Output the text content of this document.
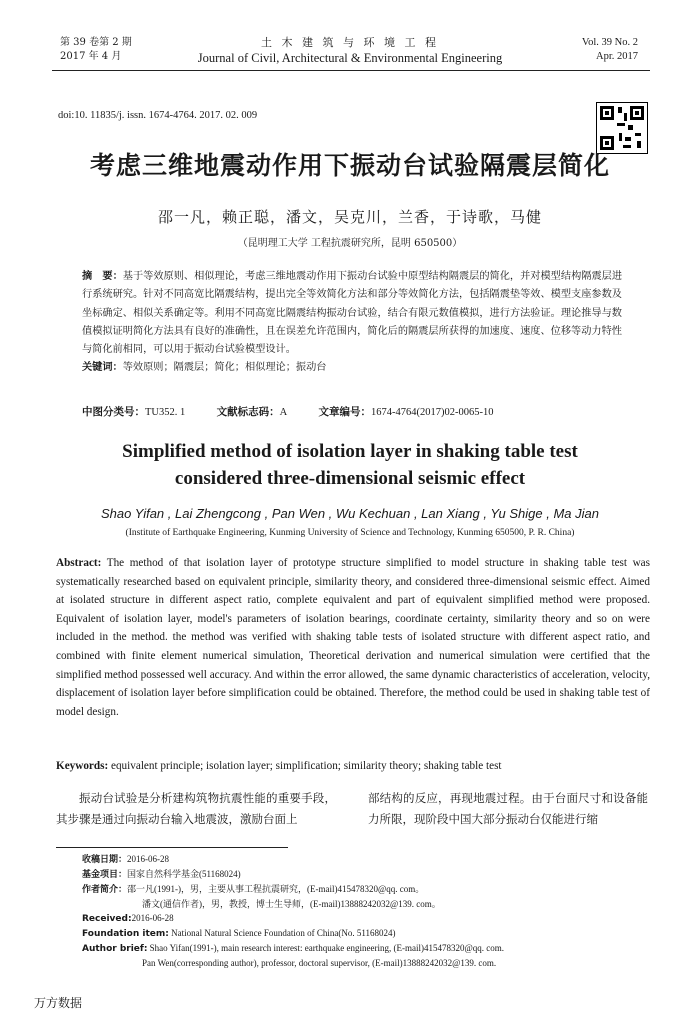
第 39 卷第 2 期
2017 年 4 月
土 木 建 筑 与 环 境 工 程
Journal of Civil, Architectural & Environmental Engineering
Vol. 39 No. 2
Apr. 2017
doi:10. 11835/j. issn. 1674-4764. 2017. 02. 009
考虑三维地震动作用下振动台试验隔震层简化
邵一凡，赖正聪，潘文，吴克川，兰香，于诗歌，马健
（昆明理工大学 工程抗震研究所，昆明 650500）
摘　要：基于等效原则、相似理论，考虑三维地震动作用下振动台试验中原型结构隔震层的简化，并对模型结构隔震层进行系统研究。针对不同高宽比隔震结构，提出完全等效简化方法和部分等效简化方法，包括隔震垫等效、模型支座参数及坐标确定、相似关系确定等。利用不同高宽比隔震结构振动台试验，结合有限元数值模拟，进行方法验证。理论推导与数值模拟证明简化方法具有良好的准确性，且在误差允许范围内，简化后的隔震层所获得的加速度、速度、位移等动力特性与简化前相同，可以用于振动台试验模型设计。
关键词：等效原则；隔震层；简化；相似理论；振动台
中图分类号：TU352. 1	文献标志码：A	文章编号：1674-4764(2017)02-0065-10
Simplified method of isolation layer in shaking table test
considered three-dimensional seismic effect
Shao Yifan , Lai Zhengcong , Pan Wen , Wu Kechuan , Lan Xiang , Yu Shige , Ma Jian
(Institute of Earthquake Engineering, Kunming University of Science and Technology, Kunming 650500, P. R. China)
Abstract: The method of that isolation layer of prototype structure simplified to model structure in shaking table test was systematically researched based on equivalent principle, similarity theory, and considered three-dimensional seismic effect. Aimed at isolated structure in different aspect ratio, complete equivalent and part of equivalent simplified method were proposed. Equivalent of isolation layer, model's parameters of isolation bearings, coordinate certainty, similarity theory and so on were included in the method. the method was verified with shaking table tests of isolated structure with different aspect ratio, and combined with finite element numerical simulation, Theoretical derivation and numerical simulation were certified that the simplified method possessed well accuracy. And within the error allowed, the same dynamic characteristics of acceleration, velocity, displacement of isolation layer before simplification could be obtained. Therefore, the method could be used in shaking table test of model design.
Keywords: equivalent principle; isolation layer; simplification; similarity theory; shaking table test
振动台试验是分析建构筑物抗震性能的重要手段，其步骤是通过向振动台输入地震波，激励台面上
部结构的反应，再现地震过程。由于台面尺寸和设备能力所限，现阶段中国大部分振动台仅能进行缩
收稿日期：2016-06-28
基金项目：国家自然科学基金(51168024)
作者简介：邵一凡(1991-)，男，主要从事工程抗震研究，(E-mail)415478320@qq. com。
潘文(通信作者)，男，教授，博士生导师，(E-mail)13888242032@139. com。
Received:2016-06-28
Foundation item: National Natural Science Foundation of China(No. 51168024)
Author brief: Shao Yifan(1991-), main research interest: earthquake engineering, (E-mail)415478320@qq. com.
Pan Wen(corresponding author), professor, doctoral supervisor, (E-mail)13888242032@139. com.
万方数据
